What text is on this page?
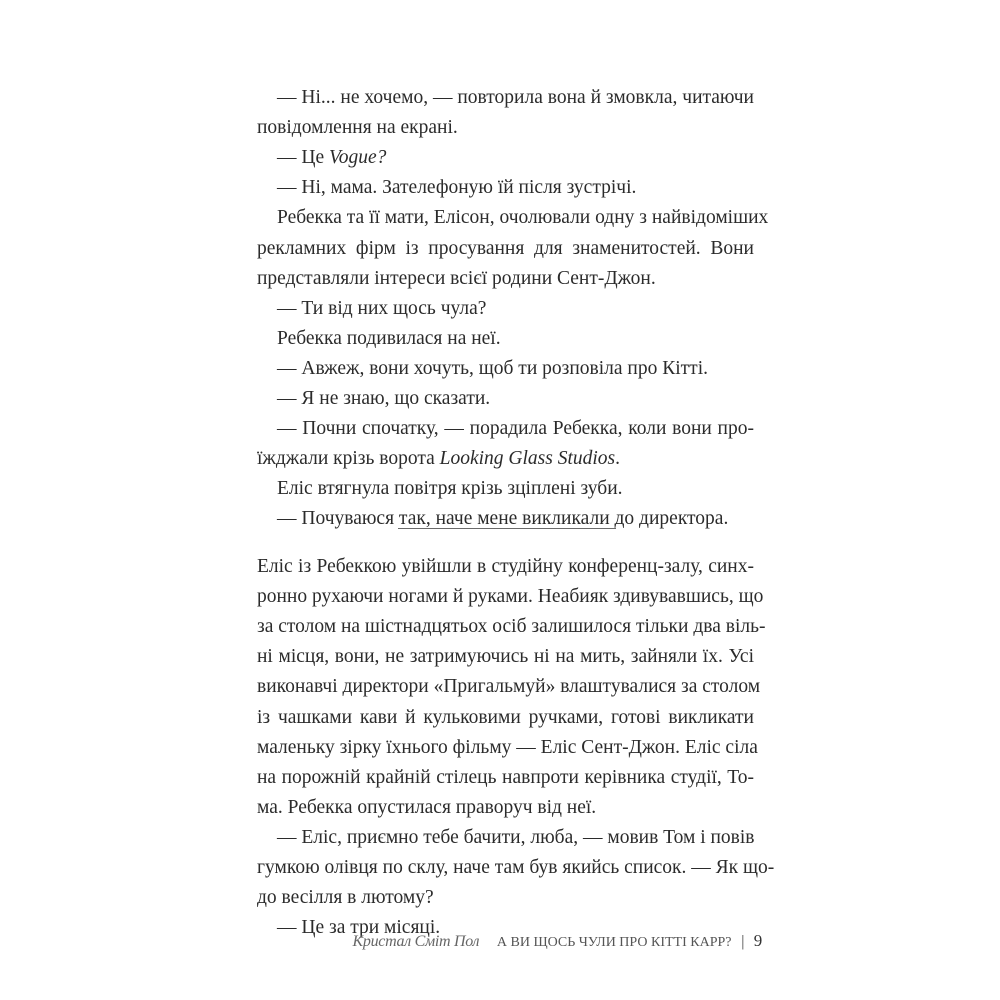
— Ні... не хочемо, — повторила вона й змовкла, читаючи
повідомлення на екрані.
— Це Vogue?
— Ні, мама. Зателефоную їй після зустрічі.
Ребекка та її мати, Елісон, очолювали одну з найвідоміших
рекламних фірм із просування для знаменитостей. Вони
представляли інтереси всієї родини Сент-Джон.
— Ти від них щось чула?
Ребекка подивилася на неї.
— Авжеж, вони хочуть, щоб ти розповіла про Кітті.
— Я не знаю, що сказати.
— Почни спочатку, — порадила Ребекка, коли вони про-
їжджали крізь ворота Looking Glass Studios.
Еліс втягнула повітря крізь зціплені зуби.
— Почуваюся так, наче мене викликали до директора.
Еліс із Ребеккою увійшли в студійну конференц-залу, синх-
ронно рухаючи ногами й руками. Неабияк здивувавшись, що
за столом на шістнадцятьох осіб залишилося тільки два віль-
ні місця, вони, не затримуючись ні на мить, зайняли їх. Усі
виконавчі директори «Пригальмуй» влаштувалися за столом
із чашками кави й кульковими ручками, готові викликати
маленьку зірку їхнього фільму — Еліс Сент-Джон. Еліс сіла
на порожній крайній стілець навпроти керівника студії, То-
ма. Ребекка опустилася праворуч від неї.
— Еліс, приємно тебе бачити, люба, — мовив Том і повів
гумкою олівця по склу, наче там був якийсь список. — Як що-
до весілля в лютому?
— Це за три місяці.
Кристал Сміт Пол А ВИ ЩОСЬ ЧУЛИ ПРО КІТТІ КАРР? | 9
